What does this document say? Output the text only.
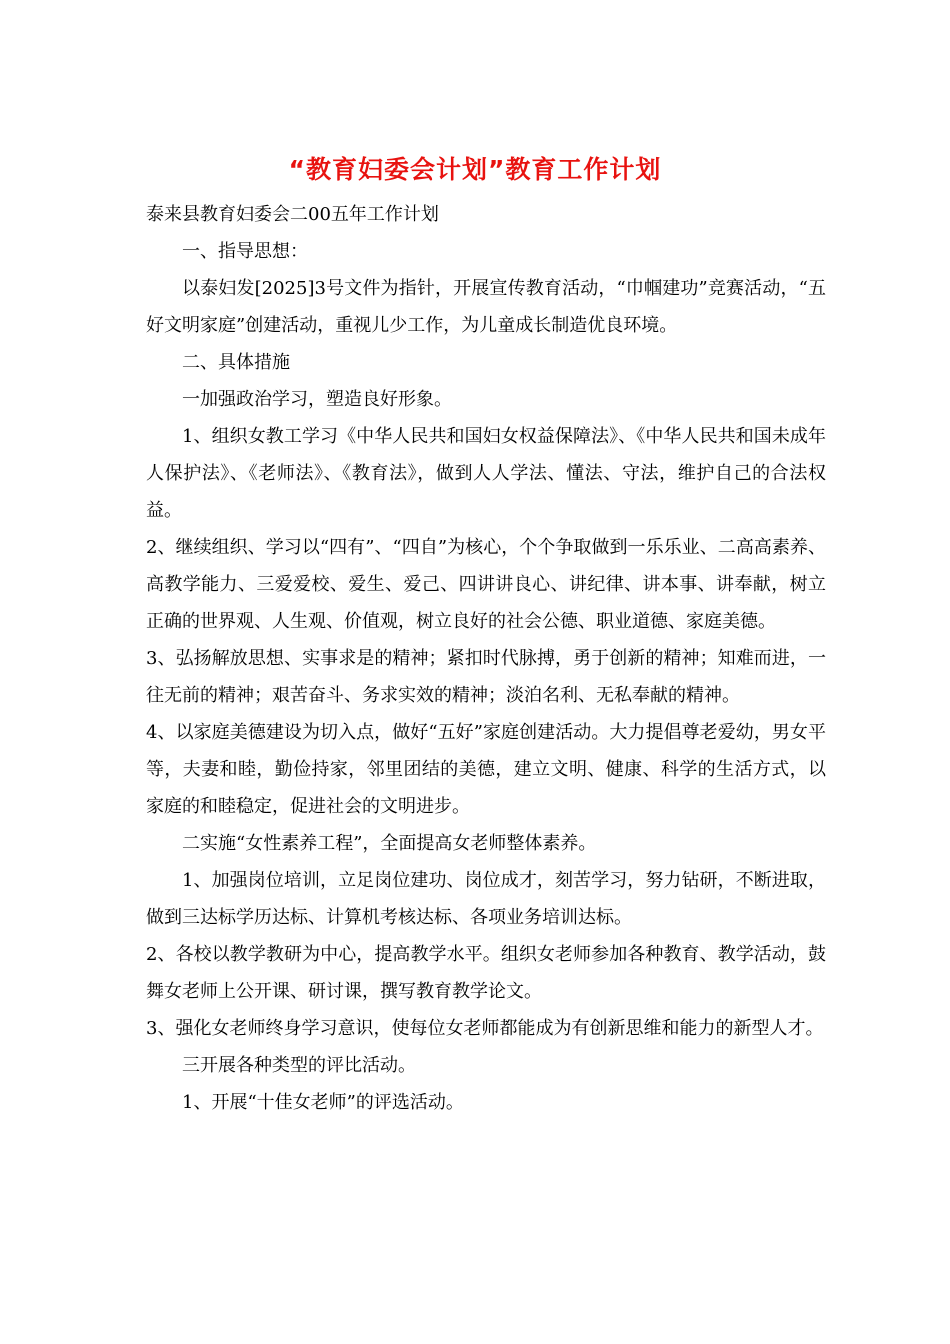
“教育妇委会计划”教育工作计划

泰来县教育妇委会二00五年工作计划

一、指导思想：

以泰妇发[2025]3号文件为指针，开展宣传教育活动，“巾帼建功”竞赛活动，“五好文明家庭”创建活动，重视儿少工作，为儿童成长制造优良环境。

二、具体措施

一加强政治学习，塑造良好形象。

1、组织女教工学习《中华人民共和国妇女权益保障法》、《中华人民共和国未成年人保护法》、《老师法》、《教育法》，做到人人学法、懂法、守法，维护自己的合法权益。

2、继续组织、学习以“四有”、“四自”为核心，个个争取做到一乐乐业、二高高素养、高教学能力、三爱爱校、爱生、爱己、四讲讲良心、讲纪律、讲本事、讲奉献，树立正确的世界观、人生观、价值观，树立良好的社会公德、职业道德、家庭美德。

3、弘扬解放思想、实事求是的精神；紧扣时代脉搏，勇于创新的精神；知难而进，一往无前的精神；艰苦奋斗、务求实效的精神；淡泊名利、无私奉献的精神。

4、以家庭美德建设为切入点，做好“五好”家庭创建活动。大力提倡尊老爱幼，男女平等，夫妻和睦，勤俭持家，邻里团结的美德，建立文明、健康、科学的生活方式，以家庭的和睦稳定，促进社会的文明进步。

二实施“女性素养工程”，全面提高女老师整体素养。

1、加强岗位培训，立足岗位建功、岗位成才，刻苦学习，努力钻研，不断进取，做到三达标学历达标、计算机考核达标、各项业务培训达标。

2、各校以教学教研为中心，提高教学水平。组织女老师参加各种教育、教学活动，鼓舞女老师上公开课、研讨课，撰写教育教学论文。

3、强化女老师终身学习意识，使每位女老师都能成为有创新思维和能力的新型人才。

三开展各种类型的评比活动。

1、开展“十佳女老师”的评选活动。
